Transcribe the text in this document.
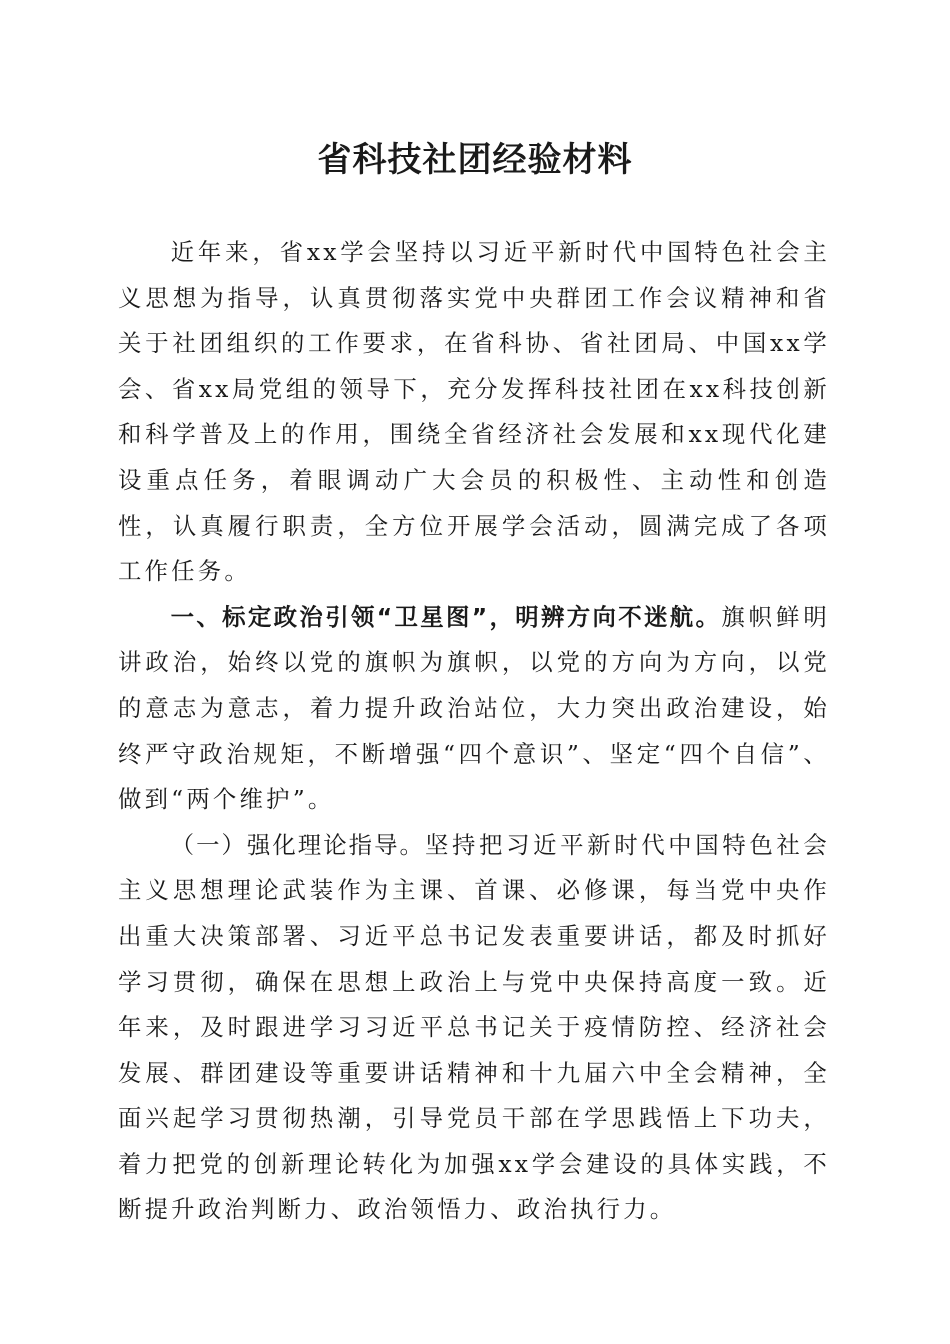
省科技社团经验材料

近年来，省xx学会坚持以习近平新时代中国特色社会主义思想为指导，认真贯彻落实党中央群团工作会议精神和省关于社团组织的工作要求，在省科协、省社团局、中国xx学会、省xx局党组的领导下，充分发挥科技社团在xx科技创新和科学普及上的作用，围绕全省经济社会发展和xx现代化建设重点任务，着眼调动广大会员的积极性、主动性和创造性，认真履行职责，全方位开展学会活动，圆满完成了各项工作任务。

一、标定政治引领“卫星图”，明辨方向不迷航。旗帜鲜明讲政治，始终以党的旗帜为旗帜，以党的方向为方向，以党的意志为意志，着力提升政治站位，大力突出政治建设，始终严守政治规矩，不断增强“四个意识”、坚定“四个自信”、做到“两个维护”。

（一）强化理论指导。坚持把习近平新时代中国特色社会主义思想理论武装作为主课、首课、必修课，每当党中央作出重大决策部署、习近平总书记发表重要讲话，都及时抓好学习贯彻，确保在思想上政治上与党中央保持高度一致。近年来，及时跟进学习习近平总书记关于疫情防控、经济社会发展、群团建设等重要讲话精神和十九届六中全会精神，全面兴起学习贯彻热潮，引导党员干部在学思践悟上下功夫，着力把党的创新理论转化为加强xx学会建设的具体实践，不断提升政治判断力、政治领悟力、政治执行力。
